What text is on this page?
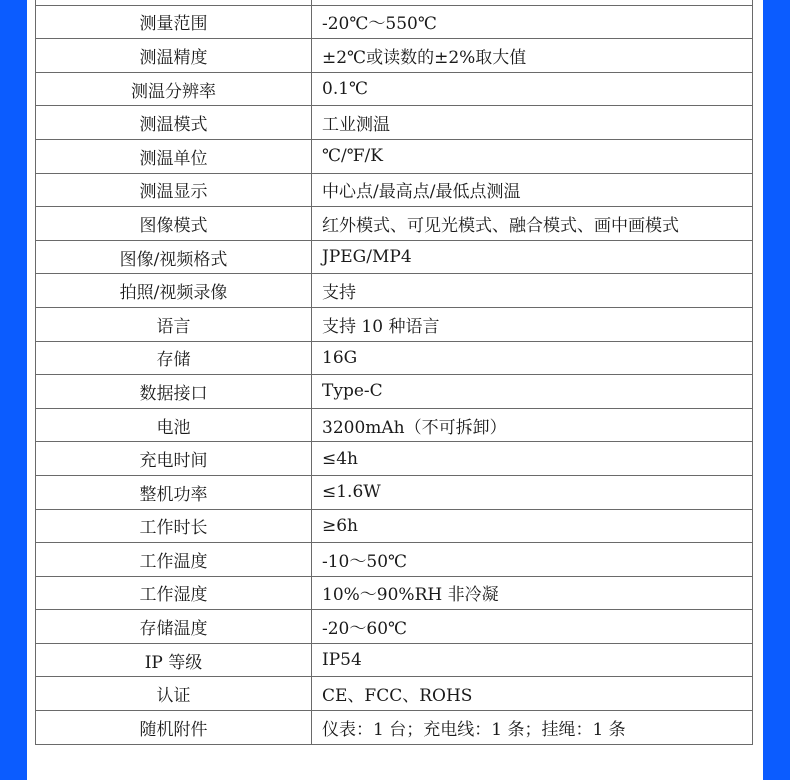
测量范围	-20℃～550℃
测温精度	±2℃或读数的±2%取大值
测温分辨率	0.1℃
测温模式	工业测温
测温单位	℃/℉/K
测温显示	中心点/最高点/最低点测温
图像模式	红外模式、可见光模式、融合模式、画中画模式
图像/视频格式	JPEG/MP4
拍照/视频录像	支持
语言	支持 10 种语言
存储	16G
数据接口	Type-C
电池	3200mAh（不可拆卸）
充电时间	≤4h
整机功率	≤1.6W
工作时长	≥6h
工作温度	-10～50℃
工作湿度	10%～90%RH 非冷凝
存储温度	-20～60℃
IP 等级	IP54
认证	CE、FCC、ROHS
随机附件	仪表：1 台；充电线：1 条；挂绳：1 条
